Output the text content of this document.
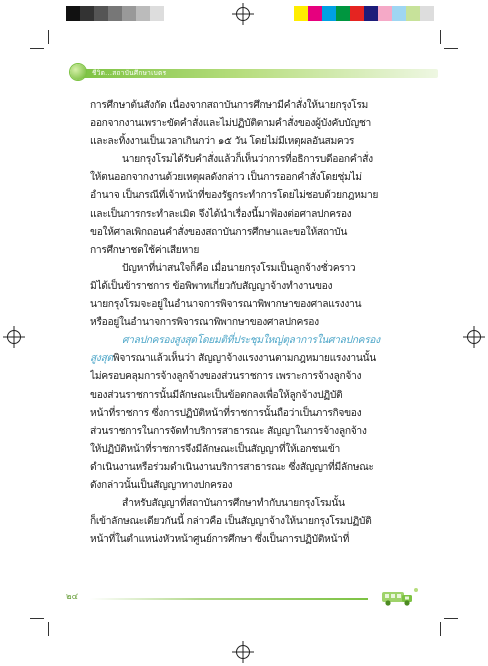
ชีวิต...สถาบันศึกษาเบตร
การศึกษาต้นสังกัด เนื่องจากสถาบันการศึกษามีคำสั่งให้นายกรุงโรม
ออกจากงานเพราะขัดคำสั่งและไม่ปฏิบัติตามคำสั่งของผู้บังคับบัญชา
และละทิ้งงานเป็นเวลาเกินกว่า ๑๕ วัน โดยไม่มีเหตุผลอันสมควร
นายกรุงโรมได้รับคำสั่งแล้วก็เห็นว่าการที่อธิการบดีออกคำสั่ง
ให้ตนออกจากงานด้วยเหตุผลดังกล่าว เป็นการออกคำสั่งโดยชุ่มไม่
อำนาจ เป็นกรณีที่เจ้าหน้าที่ของรัฐกระทำการโดยไม่ชอบด้วยกฎหมาย
และเป็นการกระทำละเมิด จึงได้นำเรื่องนี้มาฟ้องต่อศาลปกครอง
ขอให้ศาลเพิกถอนคำสั่งของสถาบันการศึกษาและขอให้สถาบัน
การศึกษาชดใช้ค่าเสียหาย
ปัญหาที่น่าสนใจก็คือ เมื่อนายกรุงโรมเป็นลูกจ้างชั่วคราว
มิได้เป็นข้าราชการ ข้อพิพาทเกี่ยวกับสัญญาจ้างทำงานของ
นายกรุงโรมจะอยู่ในอำนาจการพิจารณาพิพากษาของศาลแรงงาน
หรืออยู่ในอำนาจการพิจารณาพิพากษาของศาลปกครอง
ศาลปกครองสูงสุดโดยมติที่ประชุมใหญ่ตุลาการในศาลปกครอง
สูงสุดพิจารณาแล้วเห็นว่า สัญญาจ้างแรงงานตามกฎหมายแรงงานนั้น
ไม่ครอบคลุมการจ้างลูกจ้างของส่วนราชการ เพราะการจ้างลูกจ้าง
ของส่วนราชการนั้นมีลักษณะเป็นข้อตกลงเพื่อให้ลูกจ้างปฏิบัติ
หน้าที่ราชการ ซึ่งการปฏิบัติหน้าที่ราชการนั้นถือว่าเป็นภารกิจของ
ส่วนราชการในการจัดทำบริการสาธารณะ สัญญาในการจ้างลูกจ้าง
ให้ปฏิบัติหน้าที่ราชการจึงมีลักษณะเป็นสัญญาที่ให้เอกชนเข้า
ดำเนินงานหรือร่วมดำเนินงานบริการสาธารณะ ซึ่งสัญญาที่มีลักษณะ
ดังกล่าวนั้นเป็นสัญญาทางปกครอง
สำหรับสัญญาที่สถาบันการศึกษาทำกับนายกรุงโรมนั้น
ก็เข้าลักษณะเดียวกันนี้ กล่าวคือ เป็นสัญญาจ้างให้นายกรุงโรมปฏิบัติ
หน้าที่ในตำแหน่งหัวหน้าศูนย์การศึกษา ซึ่งเป็นการปฏิบัติหน้าที่
๒๔
